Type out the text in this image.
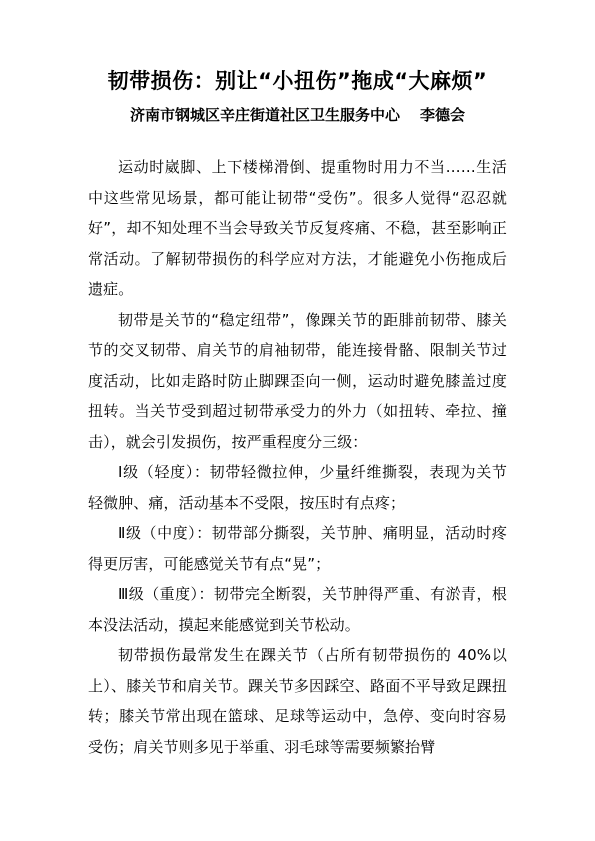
韧带损伤：别让“小扭伤”拖成“大麻烦”
济南市钢城区辛庄街道社区卫生服务中心 李德会

运动时崴脚、上下楼梯滑倒、提重物时用力不当……生活中这些常见场景，都可能让韧带“受伤”。很多人觉得“忍忍就好”，却不知处理不当会导致关节反复疼痛、不稳，甚至影响正常活动。了解韧带损伤的科学应对方法，才能避免小伤拖成后遗症。

韧带是关节的“稳定纽带”，像踝关节的距腓前韧带、膝关节的交叉韧带、肩关节的肩袖韧带，能连接骨骼、限制关节过度活动，比如走路时防止脚踝歪向一侧，运动时避免膝盖过度扭转。当关节受到超过韧带承受力的外力（如扭转、牵拉、撞击），就会引发损伤，按严重程度分三级：

Ⅰ级（轻度）：韧带轻微拉伸，少量纤维撕裂，表现为关节轻微肿、痛，活动基本不受限，按压时有点疼；

Ⅱ级（中度）：韧带部分撕裂，关节肿、痛明显，活动时疼得更厉害，可能感觉关节有点“晃”；

Ⅲ级（重度）：韧带完全断裂，关节肿得严重、有淤青，根本没法活动，摸起来能感觉到关节松动。

韧带损伤最常发生在踝关节（占所有韧带损伤的 40%以上）、膝关节和肩关节。踝关节多因踩空、路面不平导致足踝扭转；膝关节常出现在篮球、足球等运动中，急停、变向时容易受伤；肩关节则多见于举重、羽毛球等需要频繁抬臂
